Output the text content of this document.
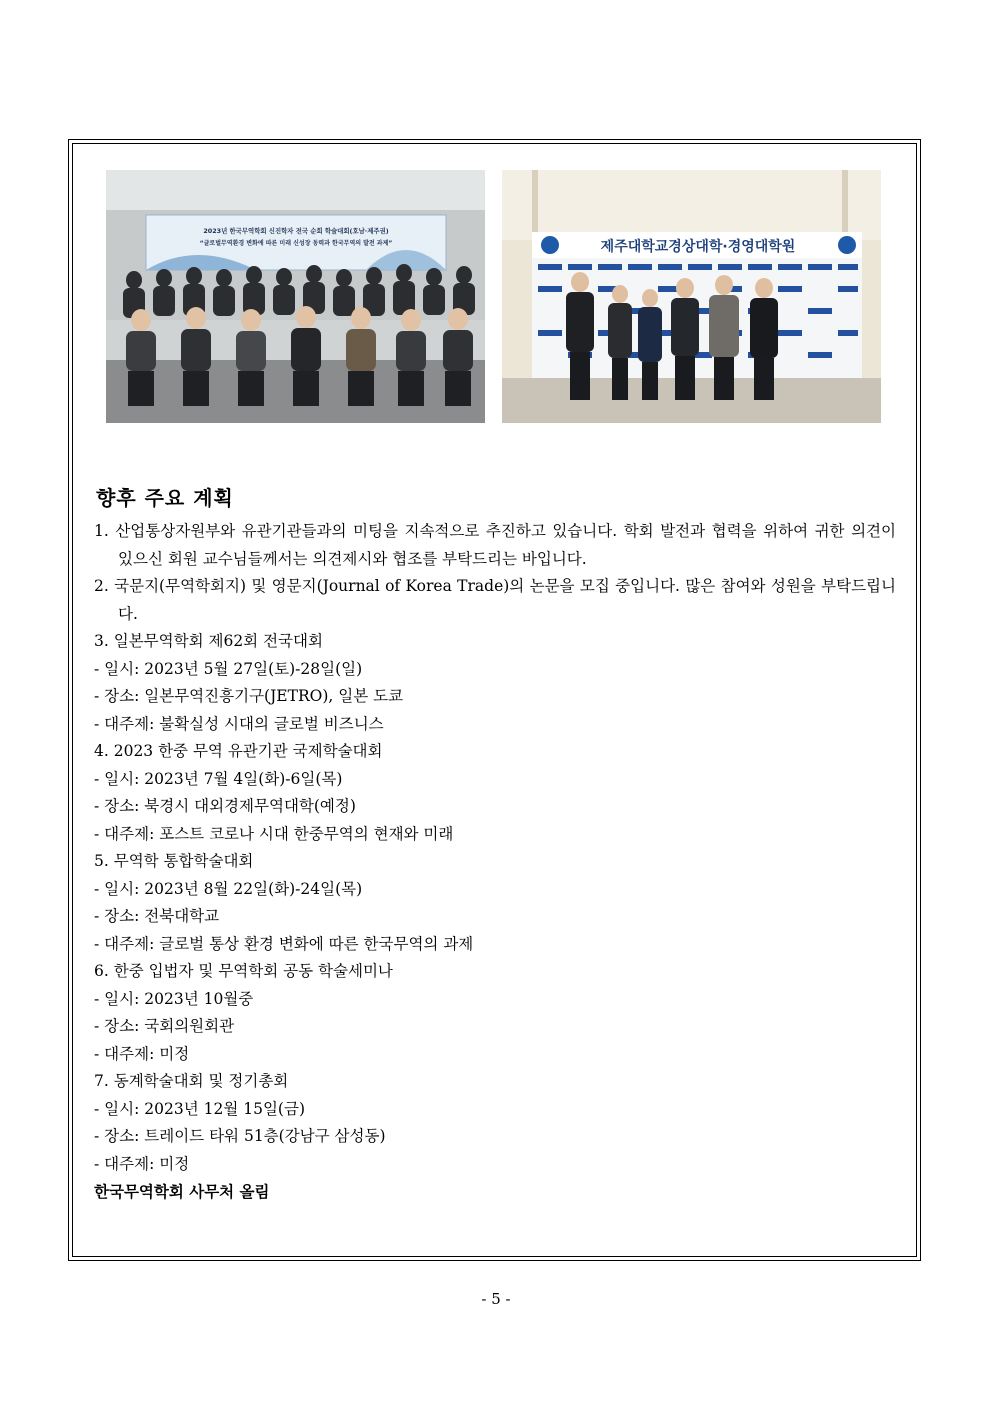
2023년 한국무역학회 신진학자 전국 순회 학술대회(호남·제주권)
“글로벌무역환경 변화에 따른 미래 신성장 동력과 한국무역의 발전 과제”	제주대학교경상대학·경영대학원
향후 주요 계획
1. 산업통상자원부와 유관기관들과의 미팅을 지속적으로 추진하고 있습니다. 학회 발전과 협력을 위하여 귀한 의견이 있으신 회원 교수님들께서는 의견제시와 협조를 부탁드리는 바입니다.
2. 국문지(무역학회지) 및 영문지(Journal of Korea Trade)의 논문을 모집 중입니다. 많은 참여와 성원을 부탁드립니다.
3. 일본무역학회 제62회 전국대회
- 일시: 2023년 5월 27일(토)-28일(일)
- 장소: 일본무역진흥기구(JETRO), 일본 도쿄
- 대주제: 불확실성 시대의 글로벌 비즈니스
4. 2023 한중 무역 유관기관 국제학술대회
- 일시: 2023년 7월 4일(화)-6일(목)
- 장소: 북경시 대외경제무역대학(예정)
- 대주제: 포스트 코로나 시대 한중무역의 현재와 미래
5. 무역학 통합학술대회
- 일시: 2023년 8월 22일(화)-24일(목)
- 장소: 전북대학교
- 대주제: 글로벌 통상 환경 변화에 따른 한국무역의 과제
6. 한중 입법자 및 무역학회 공동 학술세미나
- 일시: 2023년 10월중
- 장소: 국회의원회관
- 대주제: 미정
7. 동계학술대회 및 정기총회
- 일시: 2023년 12월 15일(금)
- 장소: 트레이드 타워 51층(강남구 삼성동)
- 대주제: 미정
한국무역학회 사무처 올림
- 5 -
